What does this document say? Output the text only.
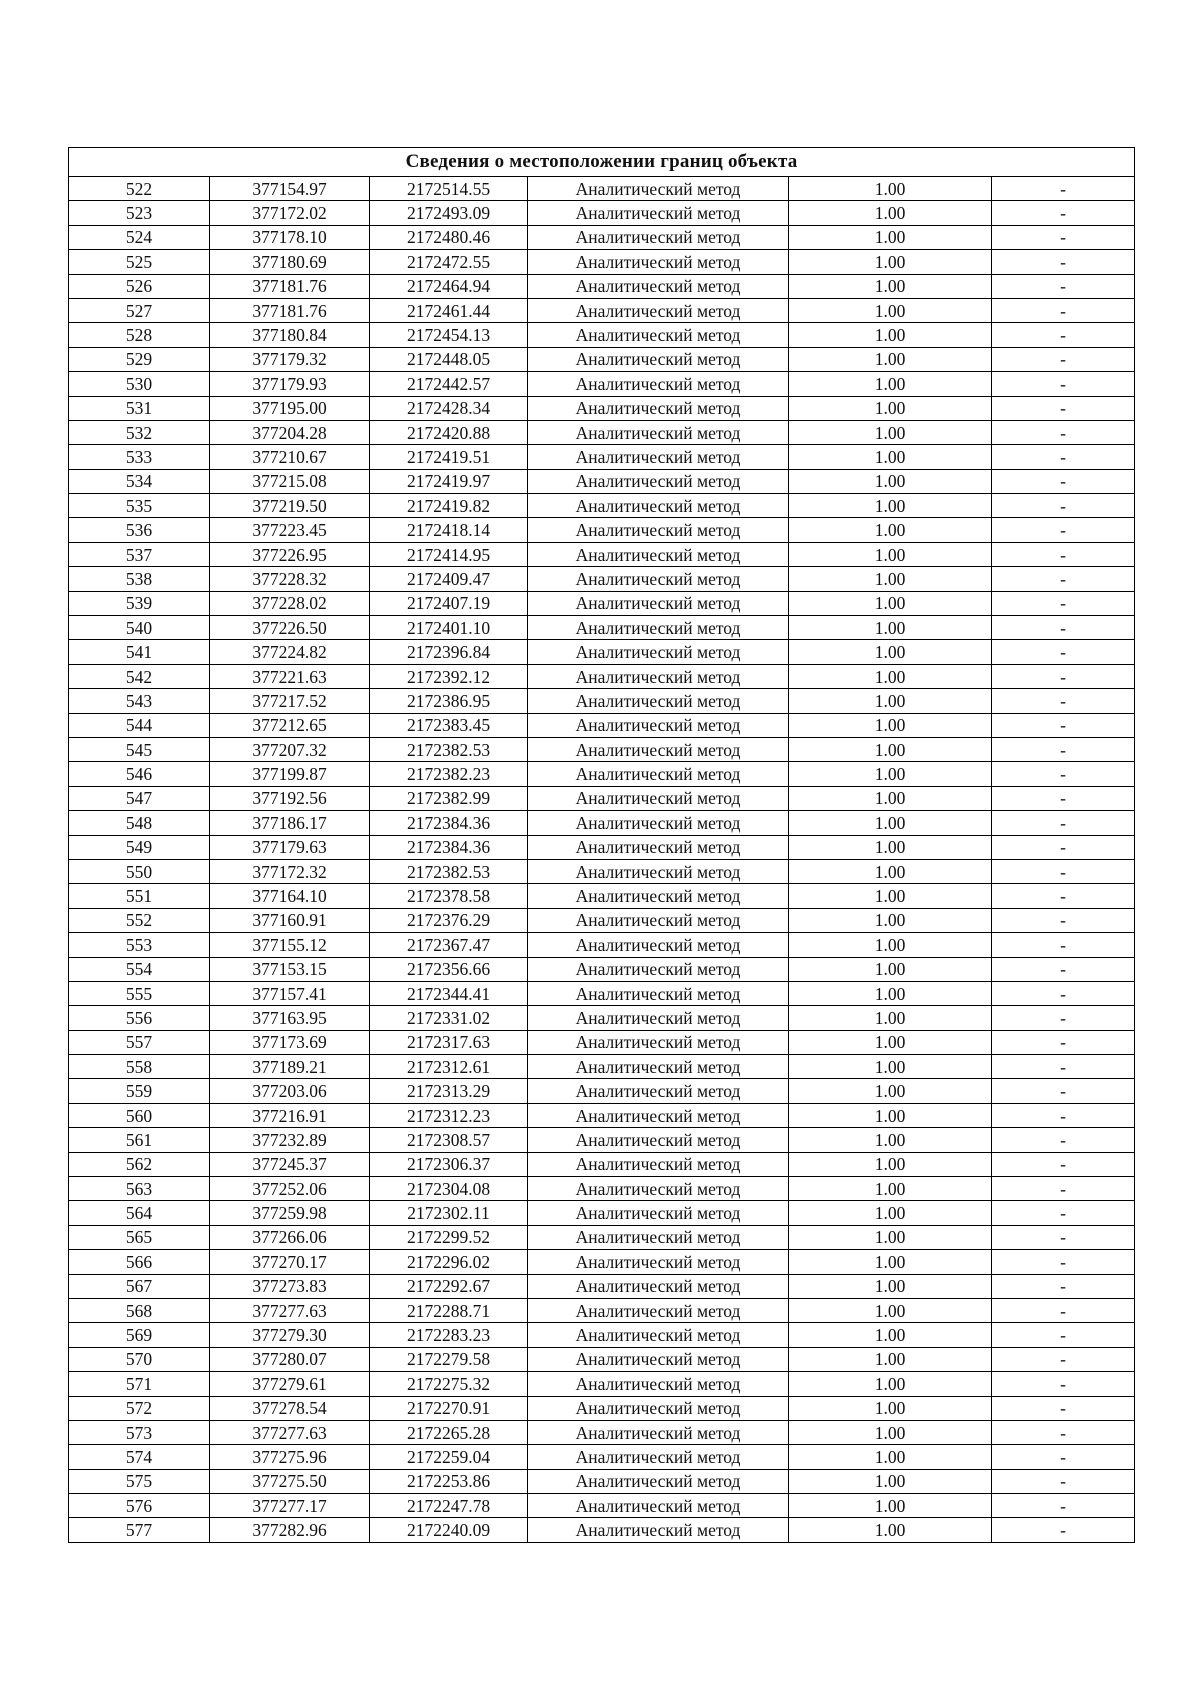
Сведения о местоположении границ объекта					
522	377154.97	2172514.55	Аналитический метод	1.00	-
523	377172.02	2172493.09	Аналитический метод	1.00	-
524	377178.10	2172480.46	Аналитический метод	1.00	-
525	377180.69	2172472.55	Аналитический метод	1.00	-
526	377181.76	2172464.94	Аналитический метод	1.00	-
527	377181.76	2172461.44	Аналитический метод	1.00	-
528	377180.84	2172454.13	Аналитический метод	1.00	-
529	377179.32	2172448.05	Аналитический метод	1.00	-
530	377179.93	2172442.57	Аналитический метод	1.00	-
531	377195.00	2172428.34	Аналитический метод	1.00	-
532	377204.28	2172420.88	Аналитический метод	1.00	-
533	377210.67	2172419.51	Аналитический метод	1.00	-
534	377215.08	2172419.97	Аналитический метод	1.00	-
535	377219.50	2172419.82	Аналитический метод	1.00	-
536	377223.45	2172418.14	Аналитический метод	1.00	-
537	377226.95	2172414.95	Аналитический метод	1.00	-
538	377228.32	2172409.47	Аналитический метод	1.00	-
539	377228.02	2172407.19	Аналитический метод	1.00	-
540	377226.50	2172401.10	Аналитический метод	1.00	-
541	377224.82	2172396.84	Аналитический метод	1.00	-
542	377221.63	2172392.12	Аналитический метод	1.00	-
543	377217.52	2172386.95	Аналитический метод	1.00	-
544	377212.65	2172383.45	Аналитический метод	1.00	-
545	377207.32	2172382.53	Аналитический метод	1.00	-
546	377199.87	2172382.23	Аналитический метод	1.00	-
547	377192.56	2172382.99	Аналитический метод	1.00	-
548	377186.17	2172384.36	Аналитический метод	1.00	-
549	377179.63	2172384.36	Аналитический метод	1.00	-
550	377172.32	2172382.53	Аналитический метод	1.00	-
551	377164.10	2172378.58	Аналитический метод	1.00	-
552	377160.91	2172376.29	Аналитический метод	1.00	-
553	377155.12	2172367.47	Аналитический метод	1.00	-
554	377153.15	2172356.66	Аналитический метод	1.00	-
555	377157.41	2172344.41	Аналитический метод	1.00	-
556	377163.95	2172331.02	Аналитический метод	1.00	-
557	377173.69	2172317.63	Аналитический метод	1.00	-
558	377189.21	2172312.61	Аналитический метод	1.00	-
559	377203.06	2172313.29	Аналитический метод	1.00	-
560	377216.91	2172312.23	Аналитический метод	1.00	-
561	377232.89	2172308.57	Аналитический метод	1.00	-
562	377245.37	2172306.37	Аналитический метод	1.00	-
563	377252.06	2172304.08	Аналитический метод	1.00	-
564	377259.98	2172302.11	Аналитический метод	1.00	-
565	377266.06	2172299.52	Аналитический метод	1.00	-
566	377270.17	2172296.02	Аналитический метод	1.00	-
567	377273.83	2172292.67	Аналитический метод	1.00	-
568	377277.63	2172288.71	Аналитический метод	1.00	-
569	377279.30	2172283.23	Аналитический метод	1.00	-
570	377280.07	2172279.58	Аналитический метод	1.00	-
571	377279.61	2172275.32	Аналитический метод	1.00	-
572	377278.54	2172270.91	Аналитический метод	1.00	-
573	377277.63	2172265.28	Аналитический метод	1.00	-
574	377275.96	2172259.04	Аналитический метод	1.00	-
575	377275.50	2172253.86	Аналитический метод	1.00	-
576	377277.17	2172247.78	Аналитический метод	1.00	-
577	377282.96	2172240.09	Аналитический метод	1.00	-
